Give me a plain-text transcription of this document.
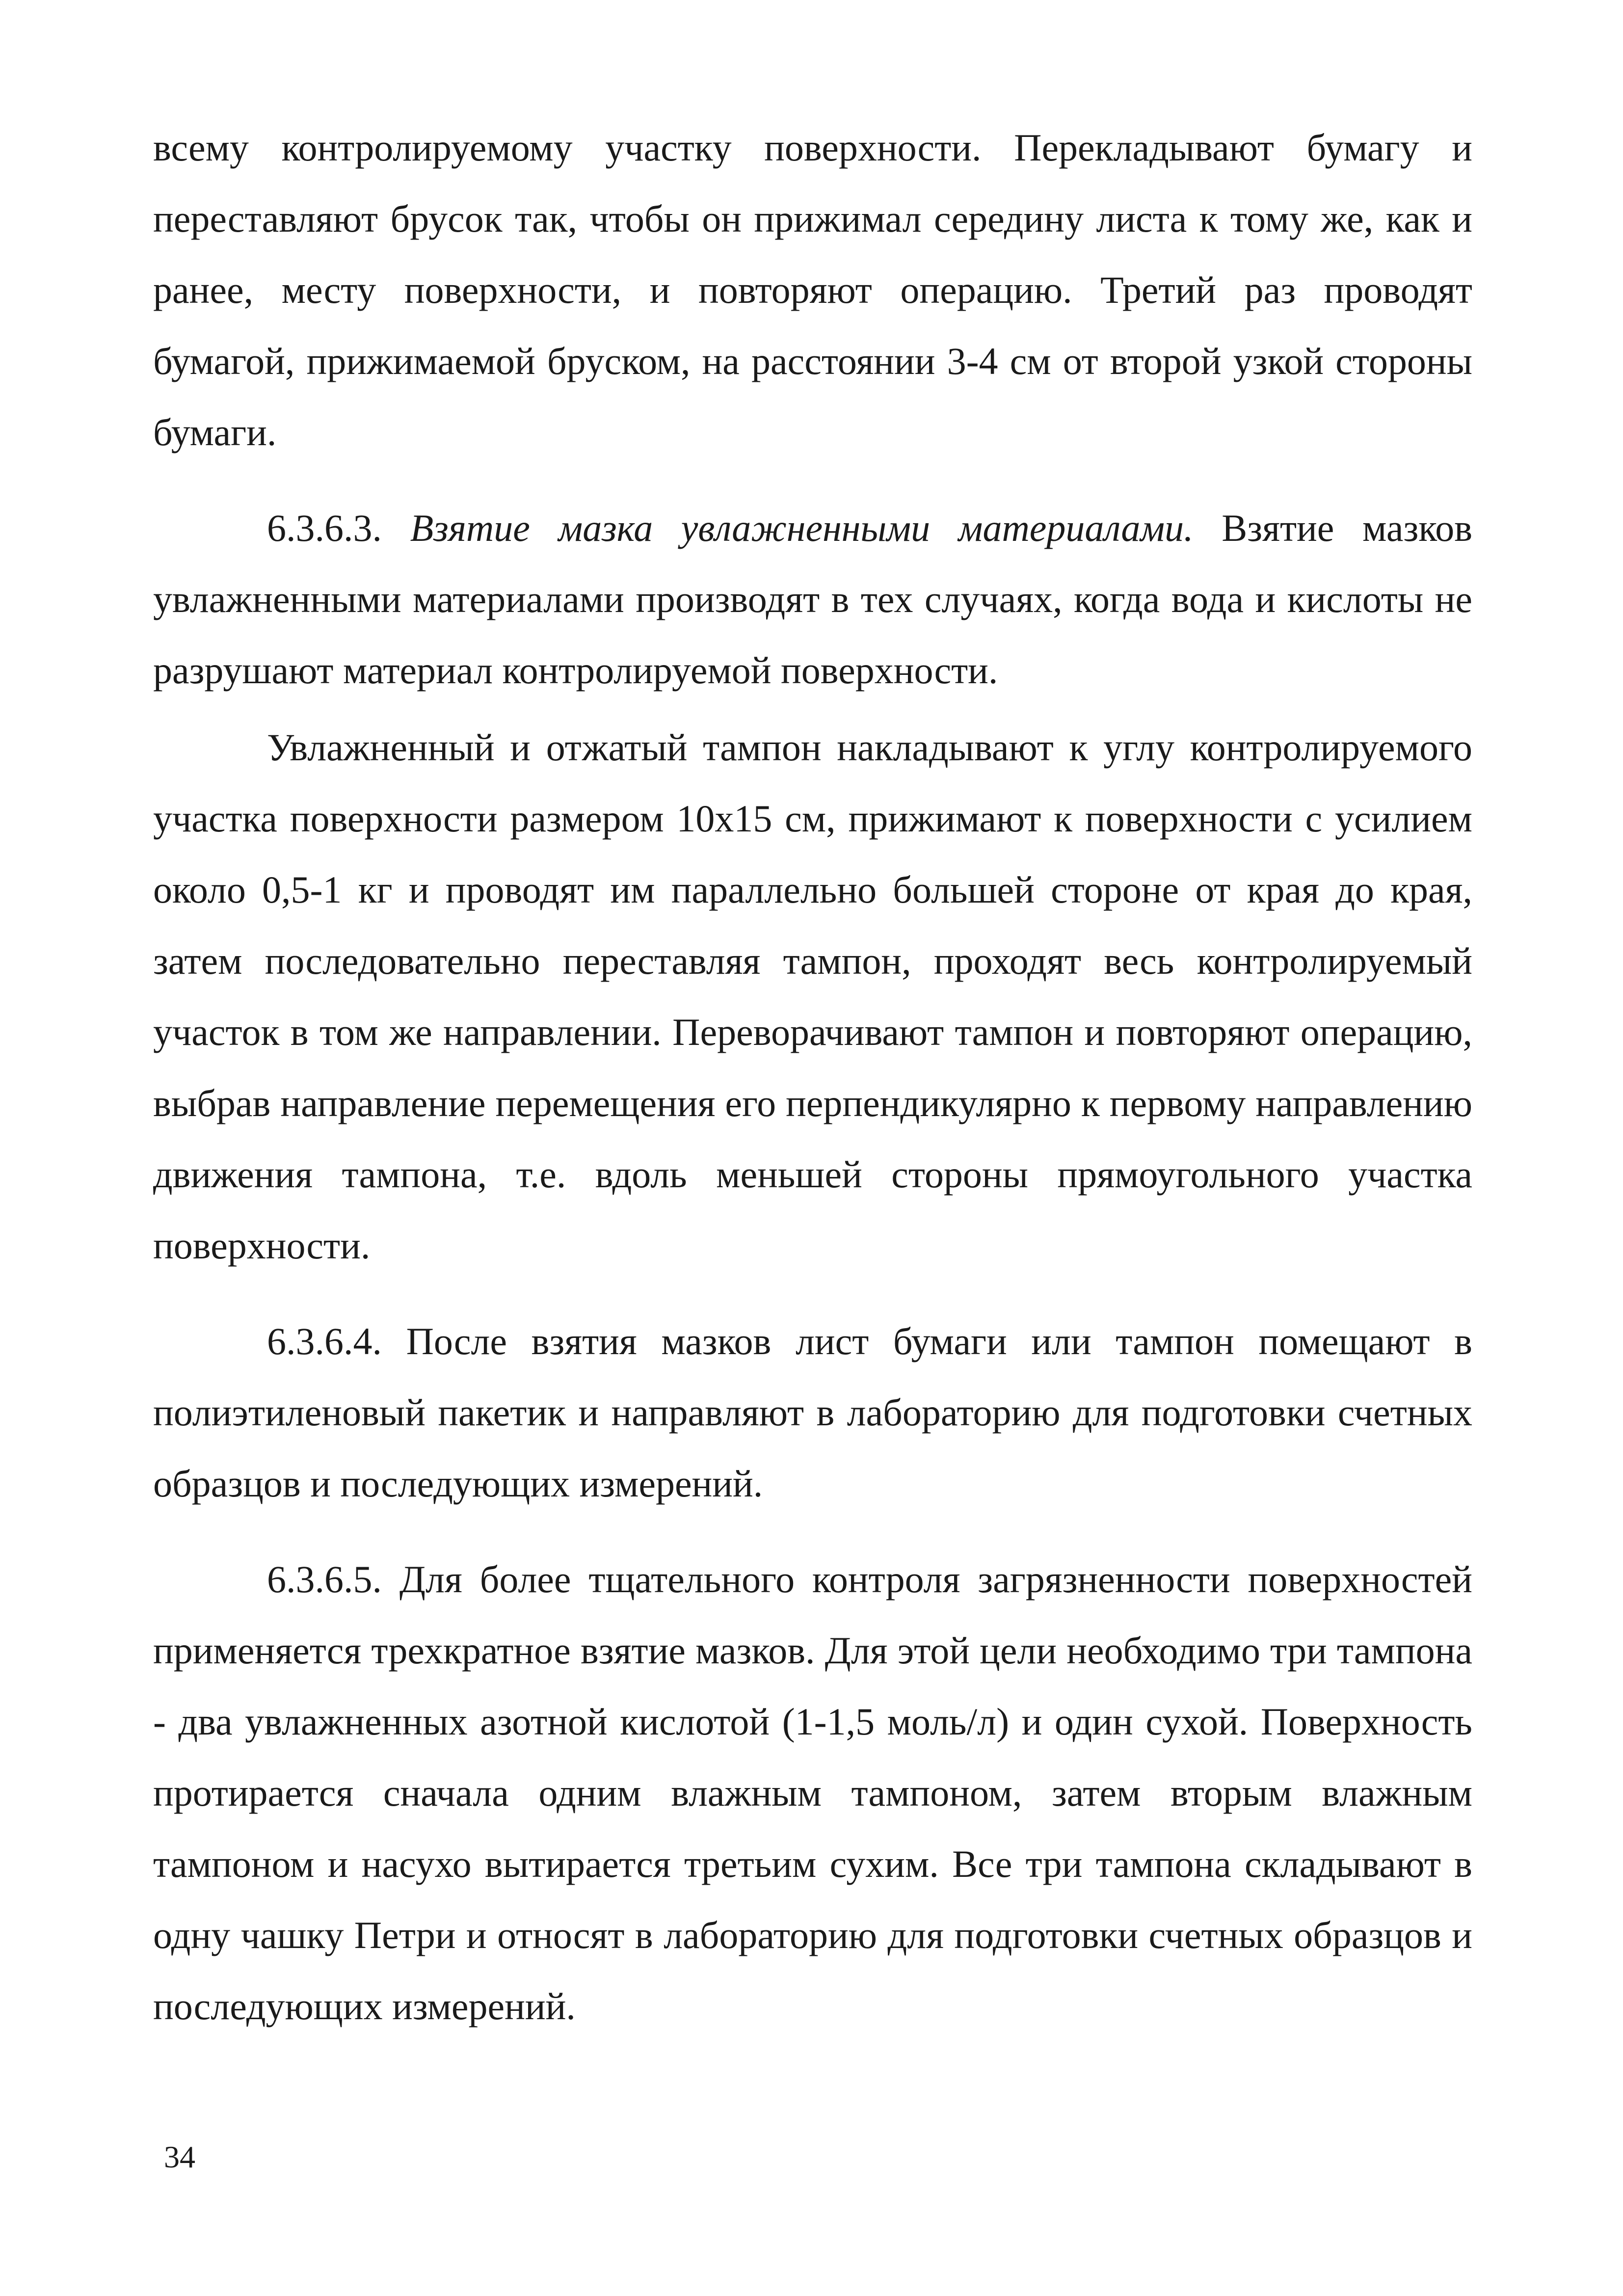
всему контролируемому участку поверхности. Перекладывают бумагу и переставляют брусок так, чтобы он прижимал середину листа к тому же, как и ранее, месту поверхности, и повторяют операцию. Третий раз проводят бумагой, прижимаемой бруском, на расстоянии 3-4 см от второй узкой стороны бумаги.

6.3.6.3. Взятие мазка увлажненными материалами. Взятие мазков увлажненными материалами производят в тех случаях, когда вода и кислоты не разрушают материал контролируемой поверхности.

Увлажненный и отжатый тампон накладывают к углу контролируемого участка поверхности размером 10x15 см, прижимают к поверхности с усилием около 0,5-1 кг и проводят им параллельно большей стороне от края до края, затем последовательно переставляя тампон, проходят весь контролируемый участок в том же направлении. Переворачивают тампон и повторяют операцию, выбрав направление перемещения его перпендикулярно к первому направлению движения тампона, т.е. вдоль меньшей стороны прямоугольного участка поверхности.

6.3.6.4. После взятия мазков лист бумаги или тампон помещают в полиэтиленовый пакетик и направляют в лабораторию для подготовки счетных образцов и последующих измерений.

6.3.6.5. Для более тщательного контроля загрязненности поверхностей применяется трехкратное взятие мазков. Для этой цели необходимо три тампона - два увлажненных азотной кислотой (1-1,5 моль/л) и один сухой. Поверхность протирается сначала одним влажным тампоном, затем вторым влажным тампоном и насухо вытирается третьим сухим. Все три тампона складывают в одну чашку Петри и относят в лабораторию для подготовки счетных образцов и последующих измерений.

34
